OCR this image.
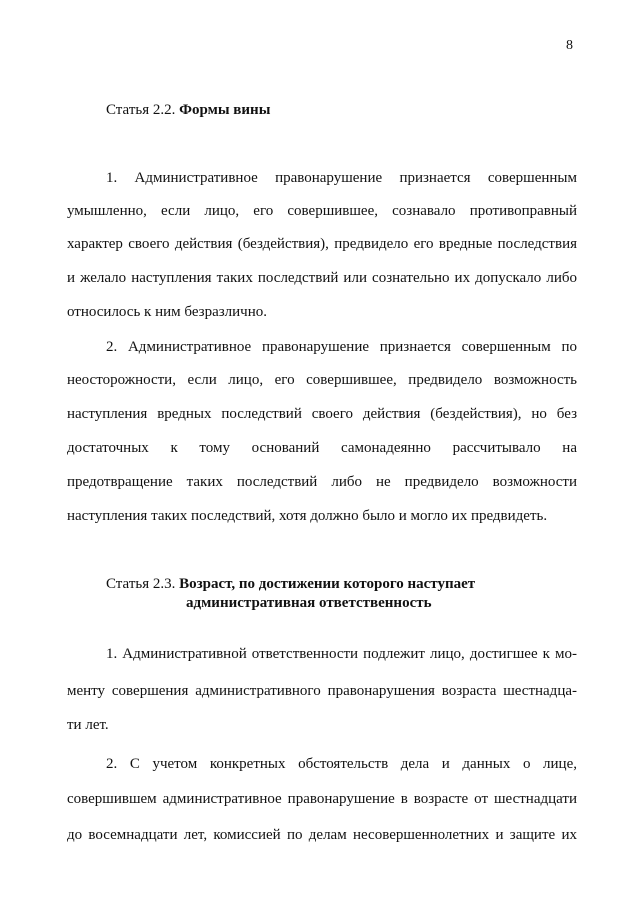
8
Статья 2.2. Формы вины
1. Административное правонарушение признается совершенным
умышленно, если лицо, его совершившее, сознавало противоправный
характер своего действия (бездействия), предвидело его вредные последствия
и желало наступления таких последствий или сознательно их допускало либо
относилось к ним безразлично.
2. Административное правонарушение признается совершенным по
неосторожности, если лицо, его совершившее, предвидело возможность
наступления вредных последствий своего действия (бездействия), но без
достаточных к тому оснований самонадеянно рассчитывало на
предотвращение таких последствий либо не предвидело возможности
наступления таких последствий, хотя должно было и могло их предвидеть.
Статья 2.3. Возраст, по достижении которого наступает
административная ответственность
1. Административной ответственности подлежит лицо, достигшее к мо-
менту совершения административного правонарушения возраста шестнадца-
ти лет.
2. С учетом конкретных обстоятельств дела и данных о лице,
совершившем административное правонарушение в возрасте от шестнадцати
до восемнадцати лет, комиссией по делам несовершеннолетних и защите их
